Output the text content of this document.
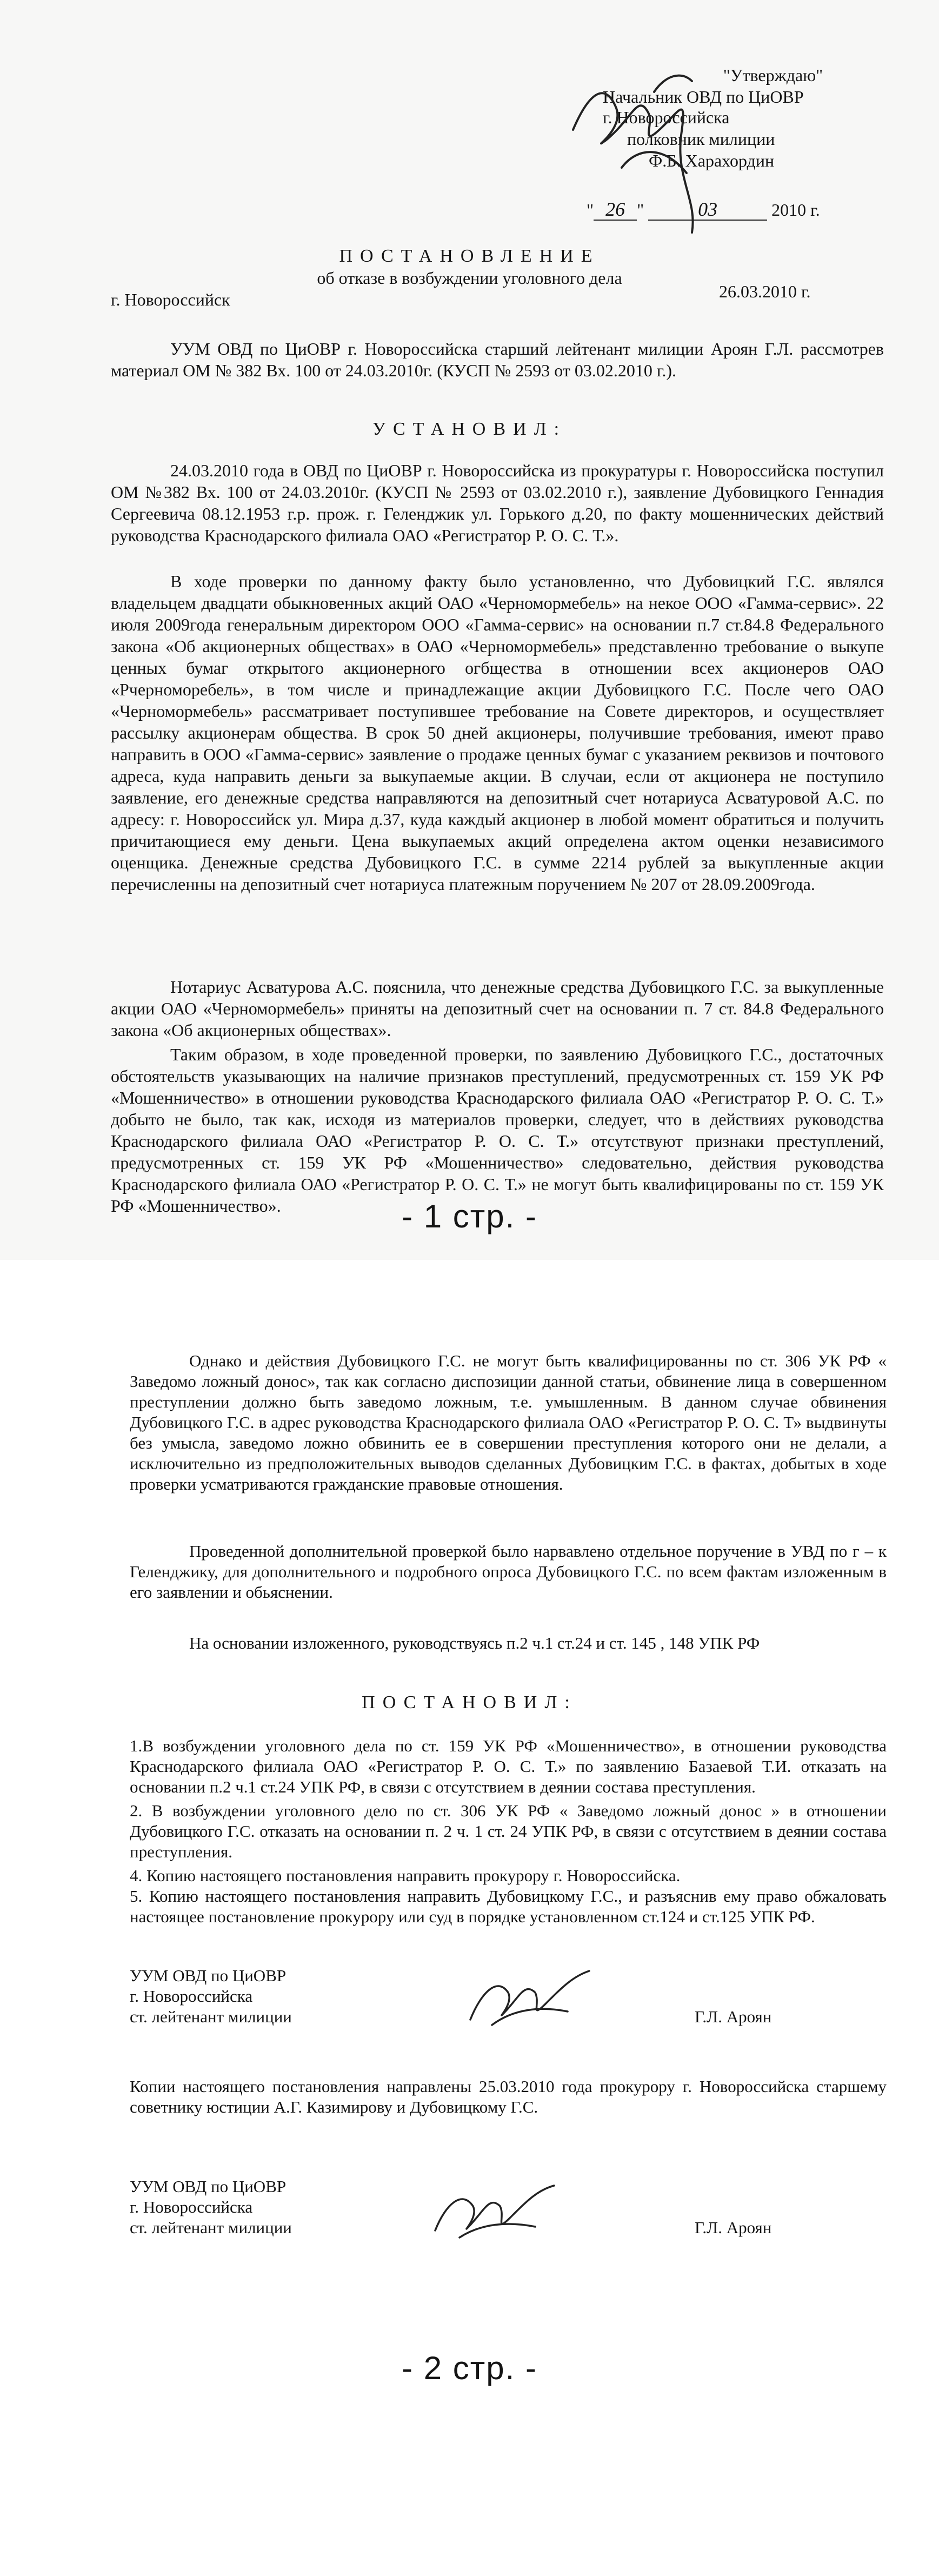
"Утверждаю"
Начальник ОВД по ЦиОВР
г. Новороссийска
полковник милиции
Ф.Б. Харахордин
" 26 "	03	2010 г.
ПОСТАНОВЛЕНИЕ
об отказе в возбуждении уголовного дела
г. Новороссийск	26.03.2010 г.
УУМ ОВД по ЦиОВР г. Новороссийска старший лейтенант милиции Ароян Г.Л. рассмотрев материал ОМ № 382 Вх. 100 от 24.03.2010г. (КУСП № 2593 от 03.02.2010 г.).
УСТАНОВИЛ:
24.03.2010 года в ОВД по ЦиОВР г. Новороссийска из прокуратуры г. Новороссийска поступил ОМ №382 Вх. 100 от 24.03.2010г. (КУСП № 2593 от 03.02.2010 г.), заявление Дубовицкого Геннадия Сергеевича 08.12.1953 г.р. прож. г. Геленджик ул. Горького д.20, по факту мошеннических действий руководства Краснодарского филиала ОАО «Регистратор Р. О. С. Т.».
В ходе проверки по данному факту было установленно, что Дубовицкий Г.С. являлся владельцем двадцати обыкновенных акций ОАО «Черномормебель» на некое ООО «Гамма-сервис». 22 июля 2009года генеральным директором ООО «Гамма-сервис» на основании п.7 ст.84.8 Федерального закона «Об акционерных обществах» в ОАО «Черномормебель» представленно требование о выкупе ценных бумаг открытого акционерного огбщества в отношении всех акционеров ОАО «Рчерноморебель», в том числе и принадлежащие акции Дубовицкого Г.С. После чего ОАО «Черномормебель» рассматривает поступившее требование на Совете директоров, и осуществляет рассылку акционерам общества. В срок 50 дней акционеры, получившие требования, имеют право направить в ООО «Гамма-сервис» заявление о продаже ценных бумаг с указанием реквизов и почтового адреса, куда направить деньги за выкупаемые акции. В случаи, если от акционера не поступило заявление, его денежные средства направляются на депозитный счет нотариуса Асватуровой А.С. по адресу: г. Новороссийск ул. Мира д.37, куда каждый акционер в любой момент обратиться и получить причитающиеся ему деньги. Цена выкупаемых акций определена актом оценки независимого оценщика. Денежные средства Дубовицкого Г.С. в сумме 2214 рублей за выкупленные акции перечисленны на депозитный счет нотариуса платежным поручением № 207 от 28.09.2009года.
Нотариус Асватурова А.С. пояснила, что денежные средства Дубовицкого Г.С. за выкупленные акции ОАО «Черномормебель» приняты на депозитный счет на основании п. 7 ст. 84.8 Федерального закона «Об акционерных обществах».
Таким образом, в ходе проведенной проверки, по заявлению Дубовицкого Г.С., достаточных обстоятельств указывающих на наличие признаков преступлений, предусмотренных ст. 159 УК РФ «Мошенничество» в отношении руководства Краснодарского филиала ОАО «Регистратор Р. О. С. Т.» добыто не было, так как, исходя из материалов проверки, следует, что в действиях руководства Краснодарского филиала ОАО «Регистратор Р. О. С. Т.» отсутствуют признаки преступлений, предусмотренных ст. 159 УК РФ «Мошенничество» следовательно, действия руководства Краснодарского филиала ОАО «Регистратор Р. О. С. Т.» не могут быть квалифицированы по ст. 159 УК РФ «Мошенничество».	- 1 стр. -
Однако и действия Дубовицкого Г.С. не могут быть квалифицированны по ст. 306 УК РФ « Заведомо ложный донос», так как согласно диспозиции данной статьи, обвинение лица в совершенном преступлении должно быть заведомо ложным, т.е. умышленным. В данном случае обвинения Дубовицкого Г.С. в адрес руководства Краснодарского филиала ОАО «Регистратор Р. О. С. Т» выдвинуты без умысла, заведомо ложно обвинить ее в совершении преступления которого они не делали, а исключительно из предположительных выводов сделанных Дубовицким Г.С. в фактах, добытых в ходе проверки усматриваются гражданские правовые отношения.
Проведенной дополнительной проверкой было нарвавлено отдельное поручение в УВД по г – к Геленджику, для дополнительного и подробного опроса Дубовицкого Г.С. по всем фактам изложенным в его заявлении и обьяснении.
На основании изложенного, руководствуясь п.2 ч.1 ст.24 и ст. 145 , 148 УПК РФ
ПОСТАНОВИЛ:
1.В возбуждении уголовного дела по ст. 159 УК РФ «Мошенничество», в отношении руководства Краснодарского филиала ОАО «Регистратор Р. О. С. Т.» по заявлению Базаевой Т.И. отказать на основании п.2 ч.1 ст.24 УПК РФ, в связи с отсутствием в деянии состава преступления.
2. В возбуждении уголовного дело по ст. 306 УК РФ « Заведомо ложный донос » в отношении Дубовицкого Г.С. отказать на основании п. 2 ч. 1 ст. 24 УПК РФ, в связи с отсутствием в деянии состава преступления.
4. Копию настоящего постановления направить прокурору г. Новороссийска.
5. Копию настоящего постановления направить Дубовицкому Г.С., и разъяснив ему право обжаловать настоящее постановление прокурору или суд в порядке установленном ст.124 и ст.125 УПК РФ.
УУМ ОВД по ЦиОВР
г. Новороссийска
ст. лейтенант милиции	Г.Л. Ароян
Копии настоящего постановления направлены 25.03.2010 года прокурору г. Новороссийска старшему советнику юстиции А.Г. Казимирову и Дубовицкому Г.С.
УУМ ОВД по ЦиОВР
г. Новороссийска
ст. лейтенант милиции	Г.Л. Ароян
- 2 стр. -
